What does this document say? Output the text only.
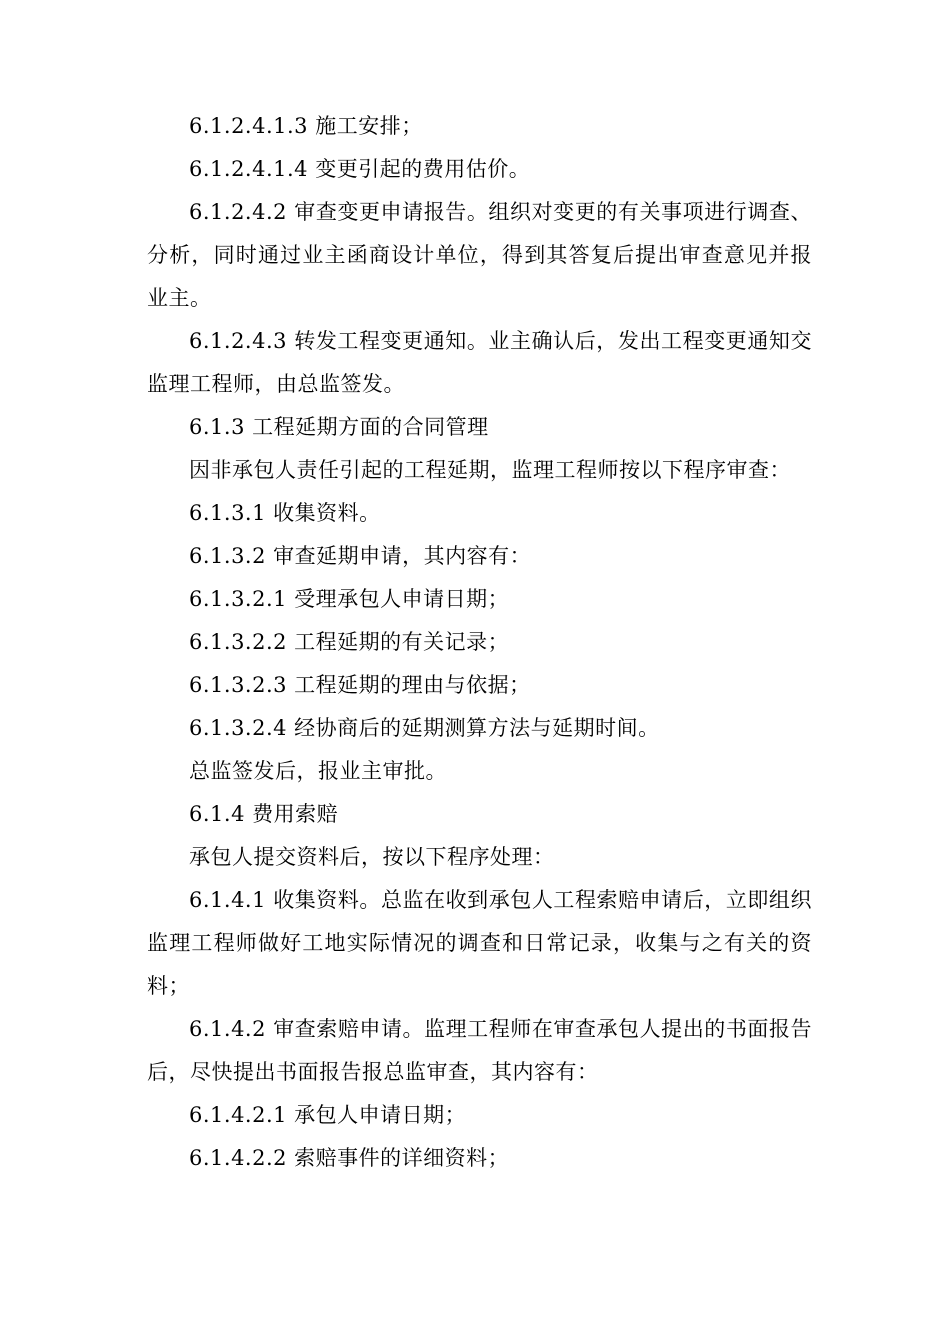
6.1.2.4.1.3 施工安排；

6.1.2.4.1.4 变更引起的费用估价。

6.1.2.4.2 审查变更申请报告。组织对变更的有关事项进行调查、分析，同时通过业主函商设计单位，得到其答复后提出审查意见并报业主。

6.1.2.4.3 转发工程变更通知。业主确认后，发出工程变更通知交监理工程师，由总监签发。

6.1.3 工程延期方面的合同管理

因非承包人责任引起的工程延期，监理工程师按以下程序审查：

6.1.3.1 收集资料。

6.1.3.2 审查延期申请，其内容有：

6.1.3.2.1 受理承包人申请日期；

6.1.3.2.2 工程延期的有关记录；

6.1.3.2.3 工程延期的理由与依据；

6.1.3.2.4 经协商后的延期测算方法与延期时间。

总监签发后，报业主审批。

6.1.4 费用索赔

承包人提交资料后，按以下程序处理：

6.1.4.1 收集资料。总监在收到承包人工程索赔申请后，立即组织监理工程师做好工地实际情况的调查和日常记录，收集与之有关的资料；

6.1.4.2 审查索赔申请。监理工程师在审查承包人提出的书面报告后，尽快提出书面报告报总监审查，其内容有：

6.1.4.2.1 承包人申请日期；

6.1.4.2.2 索赔事件的详细资料；
